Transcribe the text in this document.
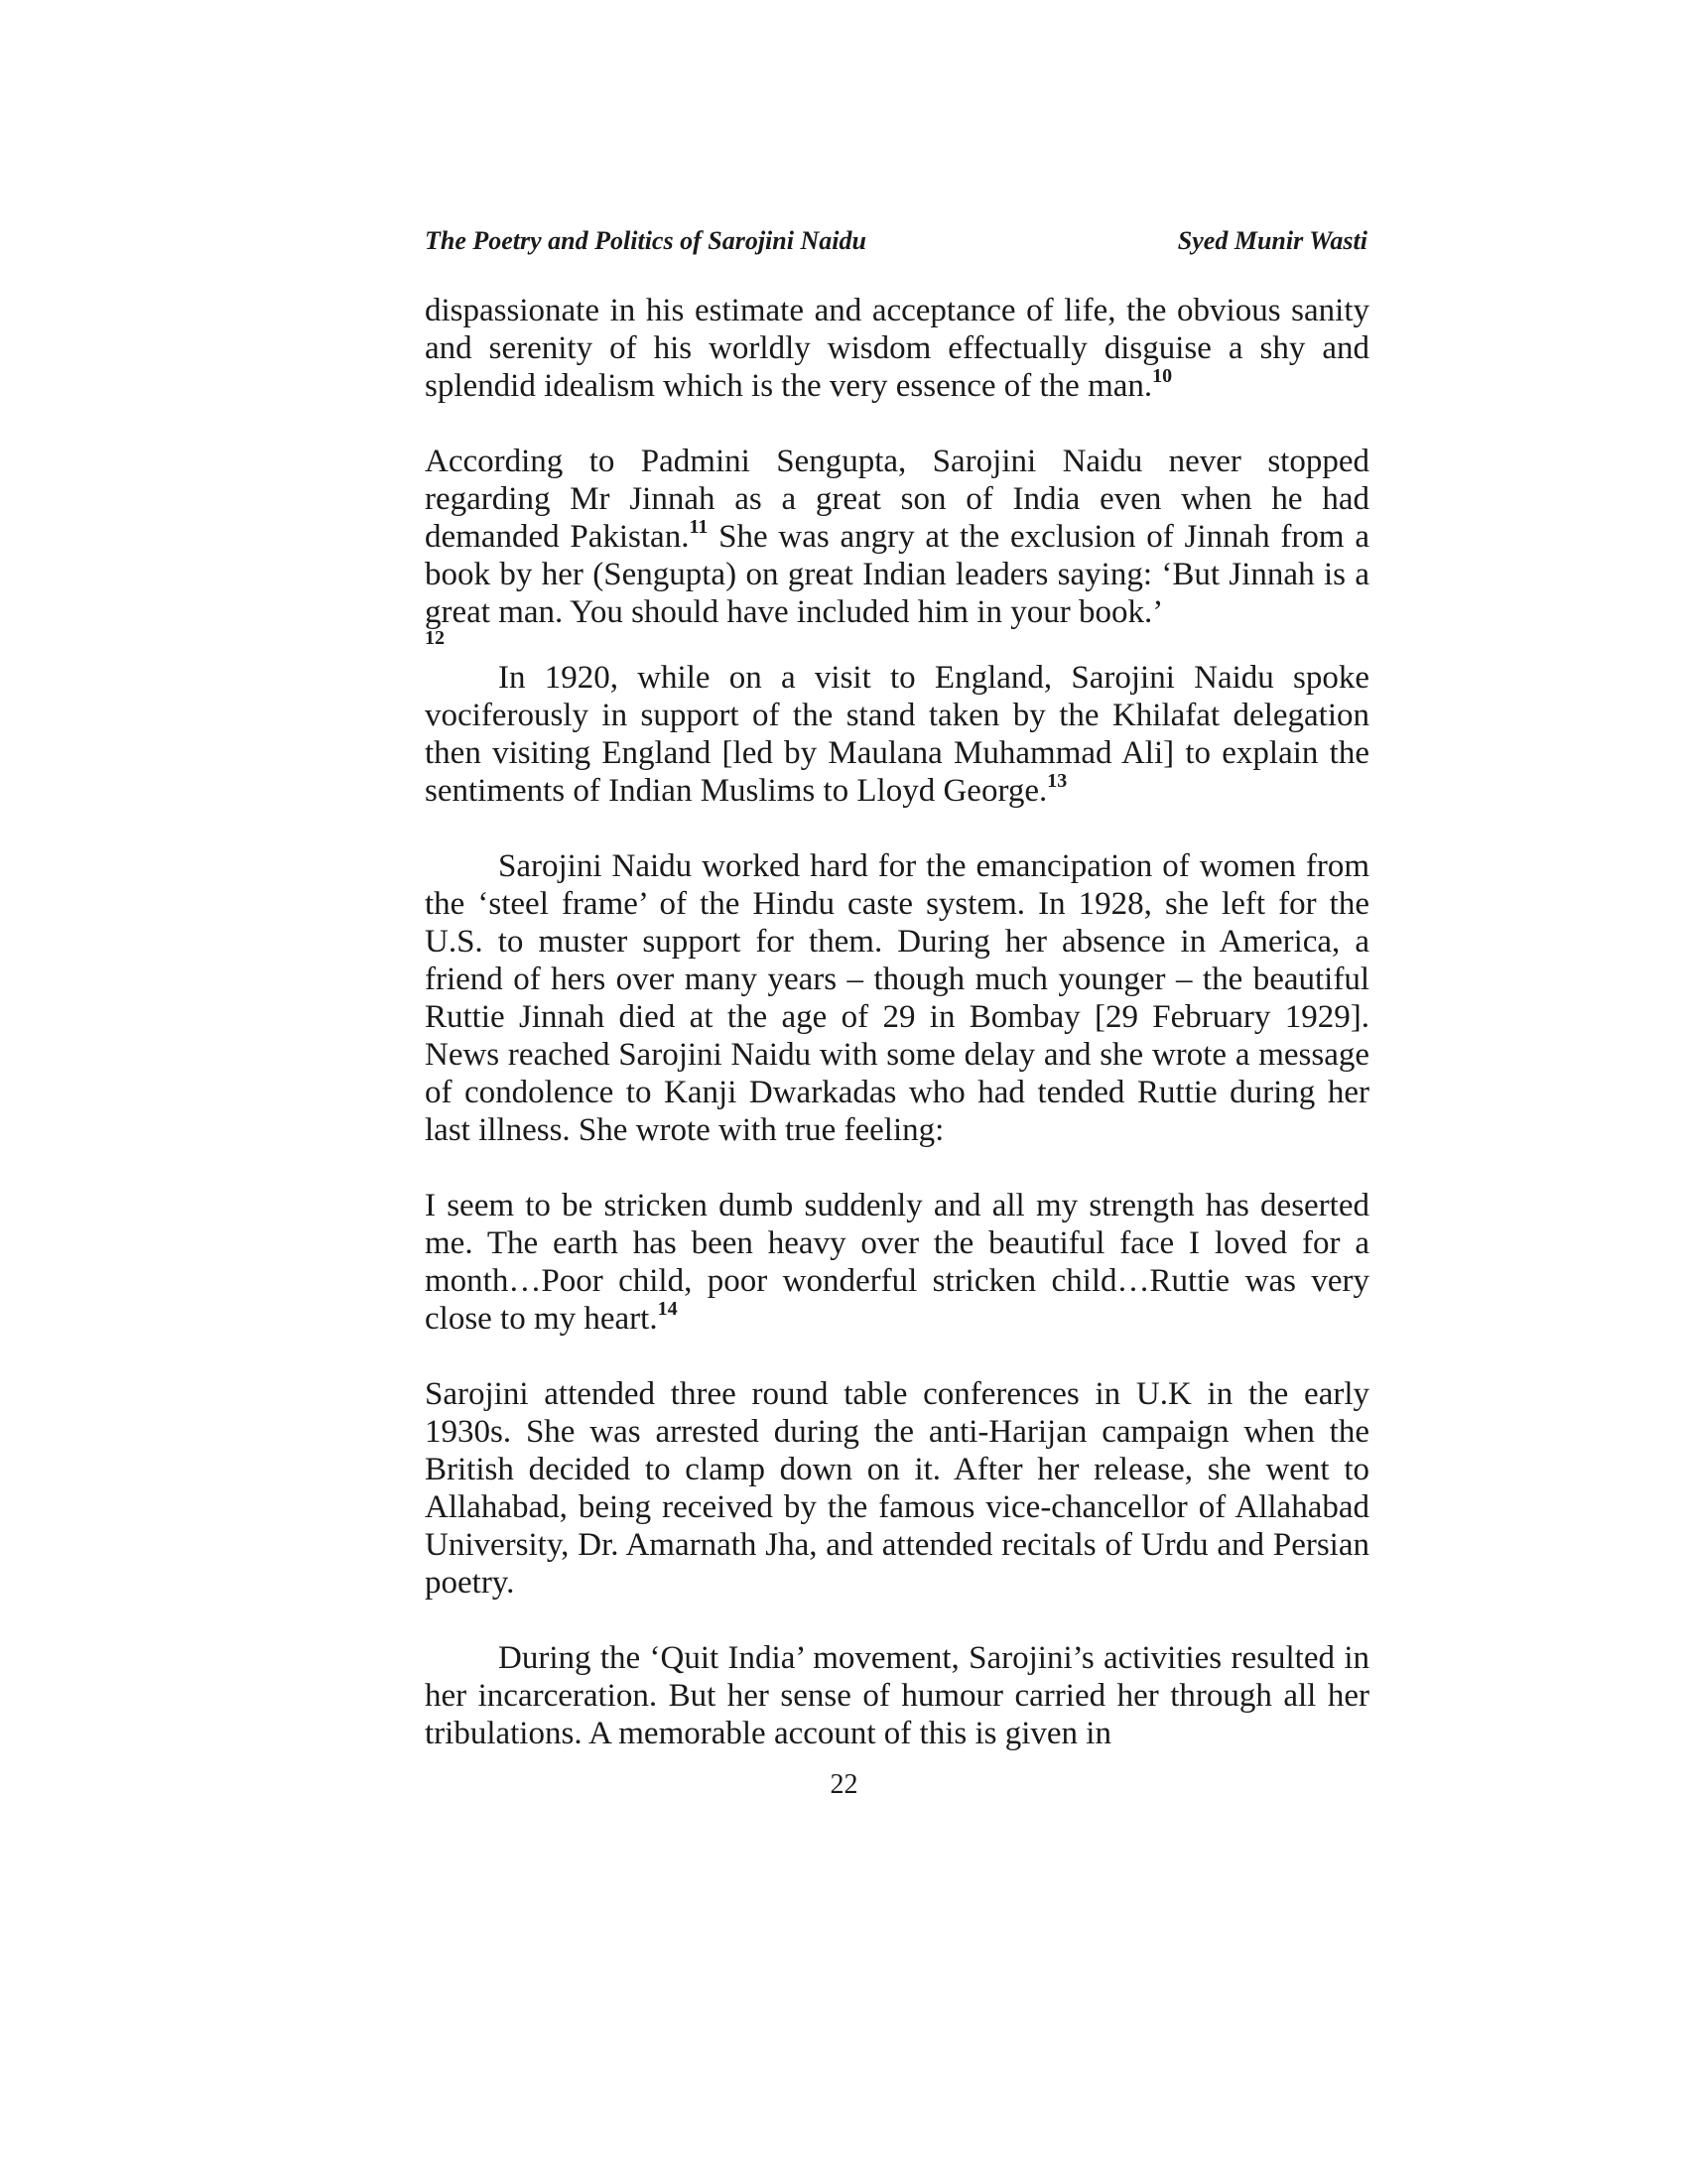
The Poetry and Politics of Sarojini Naidu	Syed Munir Wasti

dispassionate in his estimate and acceptance of life, the obvious sanity and serenity of his worldly wisdom effectually disguise a shy and splendid idealism which is the very essence of the man.$^{10}$

According to Padmini Sengupta, Sarojini Naidu never stopped regarding Mr Jinnah as a great son of India even when he had demanded Pakistan.$^{11}$ She was angry at the exclusion of Jinnah from a book by her (Sengupta) on great Indian leaders saying: ‘But Jinnah is a great man. You should have included him in your book.’

12

In 1920, while on a visit to England, Sarojini Naidu spoke vociferously in support of the stand taken by the Khilafat delegation then visiting England [led by Maulana Muhammad Ali] to explain the sentiments of Indian Muslims to Lloyd George.$^{13}$

Sarojini Naidu worked hard for the emancipation of women from the ‘steel frame’ of the Hindu caste system. In 1928, she left for the U.S. to muster support for them. During her absence in America, a friend of hers over many years – though much younger – the beautiful Ruttie Jinnah died at the age of 29 in Bombay [29 February 1929]. News reached Sarojini Naidu with some delay and she wrote a message of condolence to Kanji Dwarkadas who had tended Ruttie during her last illness. She wrote with true feeling:

I seem to be stricken dumb suddenly and all my strength has deserted me. The earth has been heavy over the beautiful face I loved for a month…Poor child, poor wonderful stricken child…Ruttie was very close to my heart.$^{14}$

Sarojini attended three round table conferences in U.K in the early 1930s. She was arrested during the anti-Harijan campaign when the British decided to clamp down on it. After her release, she went to Allahabad, being received by the famous vice-chancellor of Allahabad University, Dr. Amarnath Jha, and attended recitals of Urdu and Persian poetry.

During the ‘Quit India’ movement, Sarojini’s activities resulted in her incarceration. But her sense of humour carried her through all her tribulations. A memorable account of this is given in

22
